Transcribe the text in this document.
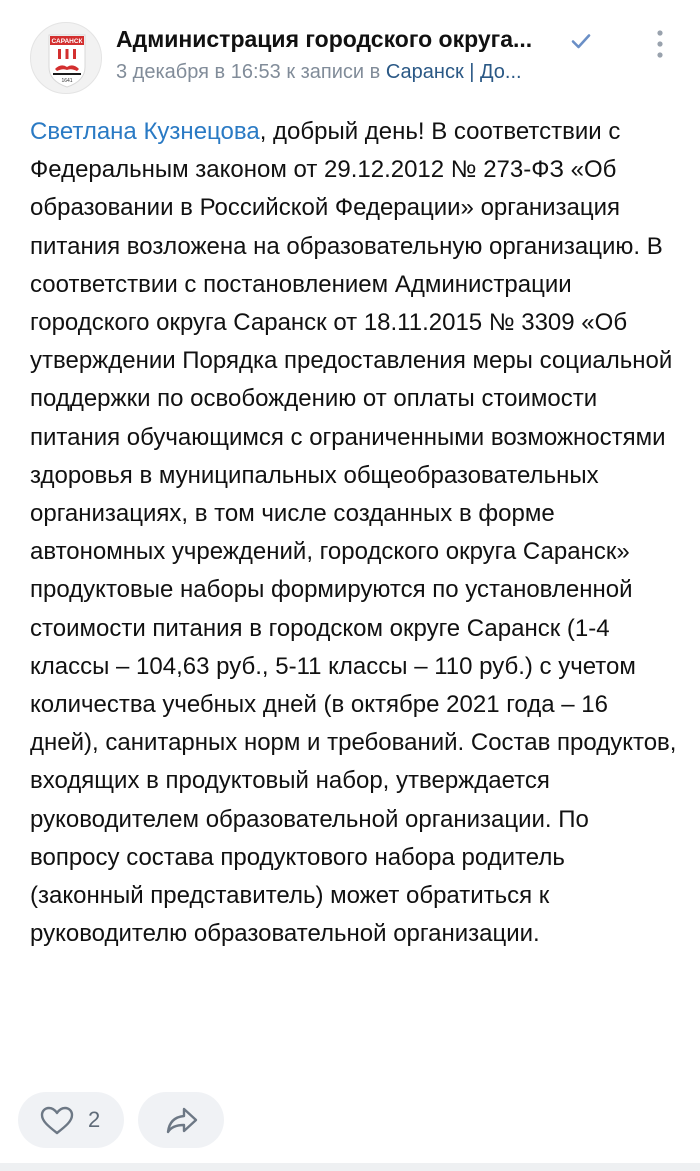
САРАНСК
1641
Администрация городского округа...
3 декабря в 16:53 к записи в Саранск | До...
Светлана Кузнецова, добрый день! В соответствии с Федеральным законом от 29.12.2012 № 273-ФЗ «Об образовании в Российской Федерации» организация питания возложена на образовательную организацию. В соответствии с постановлением Администрации городского округа Саранск от 18.11.2015 № 3309 «Об утверждении Порядка предоставления меры социальной поддержки по освобождению от оплаты стоимости питания обучающимся с ограниченными возможностями здоровья в муниципальных общеобразовательных организациях, в том числе созданных в форме автономных учреждений, городского округа Саранск» продуктовые наборы формируются по установленной стоимости питания в городском округе Саранск (1-4 классы – 104,63 руб., 5-11 классы – 110 руб.) с учетом количества учебных дней (в октябре 2021 года – 16 дней), санитарных норм и требований. Состав продуктов, входящих в продуктовый набор, утверждается руководителем образовательной организации. По вопросу состава продуктового набора родитель (законный представитель) может обратиться к руководителю образовательной организации.
2
